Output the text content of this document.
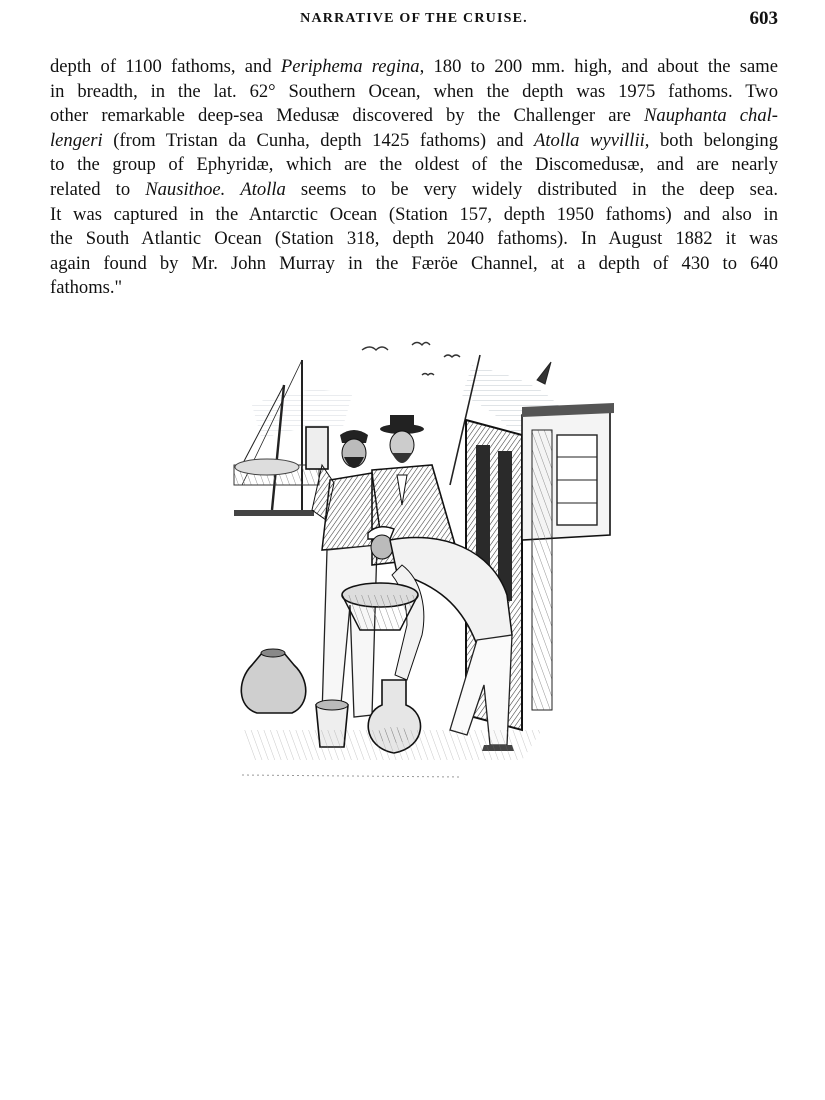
NARRATIVE OF THE CRUISE.	603
depth of 1100 fathoms, and Periphema regina, 180 to 200 mm. high, and about the same
in breadth, in the lat. 62° Southern Ocean, when the depth was 1975 fathoms. Two
other remarkable deep-sea Medusæ discovered by the Challenger are Nauphanta chal-
lengeri (from Tristan da Cunha, depth 1425 fathoms) and Atolla wyvillii, both belonging
to the group of Ephyridæ, which are the oldest of the Discomedusæ, and are nearly
related to Nausithoe. Atolla seems to be very widely distributed in the deep sea.
It was captured in the Antarctic Ocean (Station 157, depth 1950 fathoms) and also in
the South Atlantic Ocean (Station 318, depth 2040 fathoms). In August 1882 it was
again found by Mr. John Murray in the Færöe Channel, at a depth of 430 to 640
fathoms."
